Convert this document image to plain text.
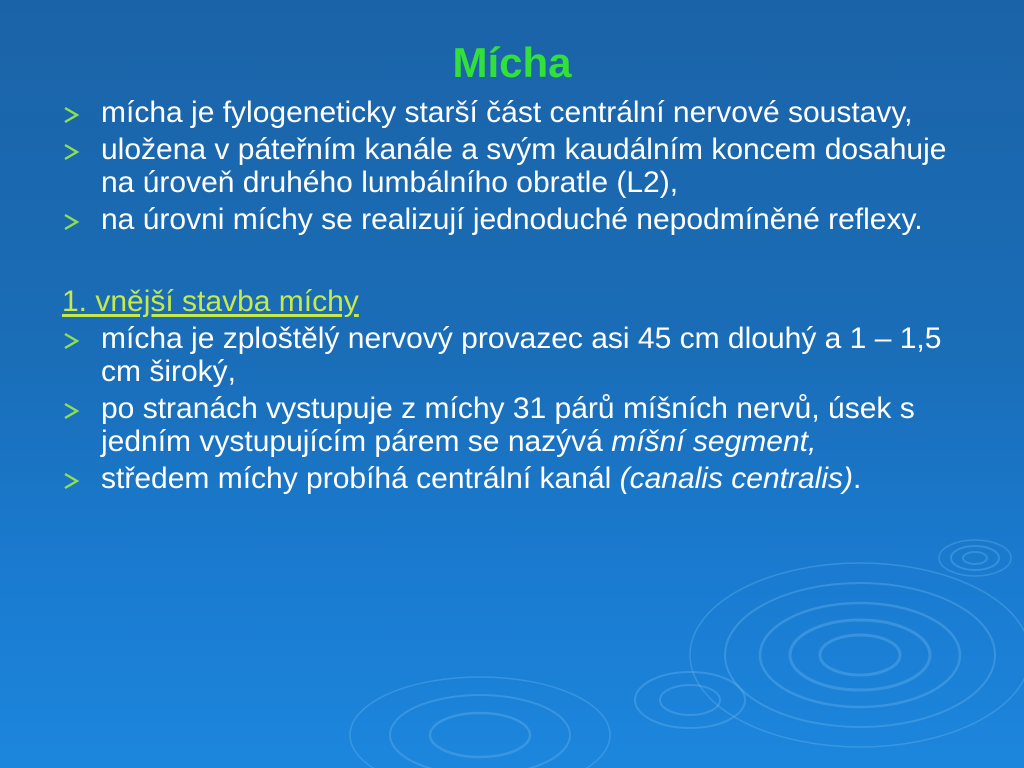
Mícha
mícha je fylogeneticky starší část centrální nervové soustavy,
uložena v páteřním kanále a svým kaudálním koncem dosahuje na úroveň druhého lumbálního obratle (L2),
na úrovni míchy se realizují jednoduché nepodmíněné reflexy.
1. vnější stavba míchy
mícha je zploštělý nervový provazec asi 45 cm dlouhý a 1 – 1,5 cm široký,
po stranách vystupuje z míchy 31 párů míšních nervů, úsek s jedním vystupujícím párem se nazývá míšní segment,
středem míchy probíhá centrální kanál (canalis centralis).
